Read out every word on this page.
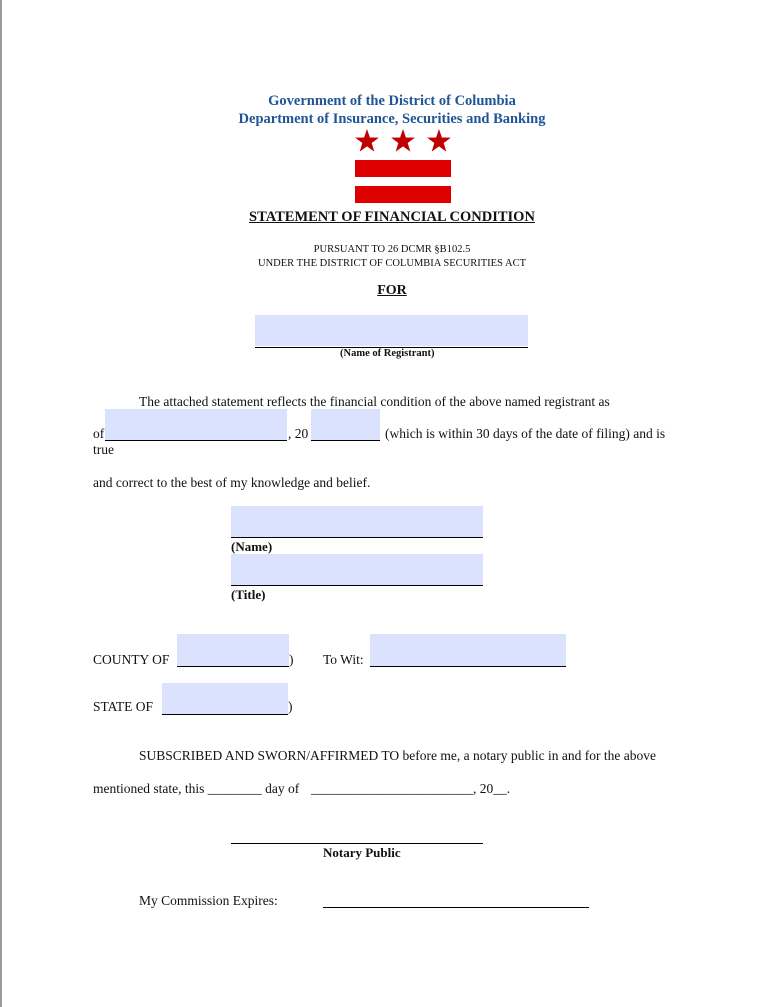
Government of the District of Columbia
Department of Insurance, Securities and Banking
STATEMENT OF FINANCIAL CONDITION
PURSUANT TO 26 DCMR §B102.5
UNDER THE DISTRICT OF COLUMBIA SECURITIES ACT
FOR
(Name of Registrant)
The attached statement reflects the financial condition of the above named registrant as
of	, 20	(which is within 30 days of the date of filing) and is
true
and correct to the best of my knowledge and belief.
(Name)
(Title)
COUNTY OF	) To Wit:
STATE OF	)
SUBSCRIBED AND SWORN/AFFIRMED TO before me, a notary public in and for the above
mentioned state, this ________ day of ________________________, 20__.
Notary Public
My Commission Expires:
